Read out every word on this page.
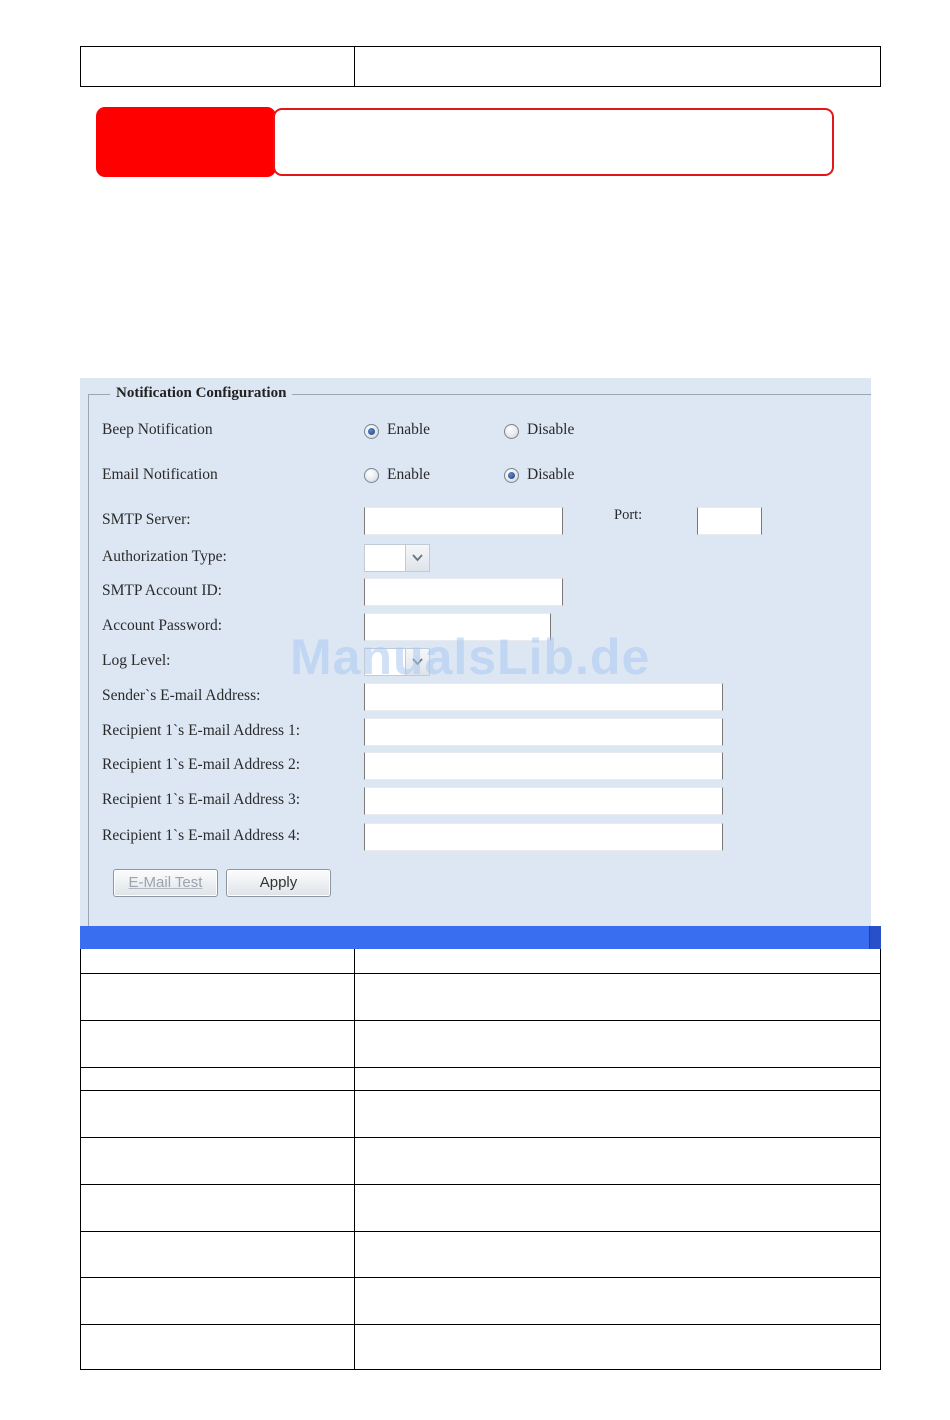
Notification Configuration
Beep Notification	Enable	Disable
Email Notification	Enable	Disable
SMTP Server:	Port:
Authorization Type:
SMTP Account ID:
Account Password:
Log Level:
Sender`s E-mail Address:
Recipient 1`s E-mail Address 1:
Recipient 1`s E-mail Address 2:
Recipient 1`s E-mail Address 3:
Recipient 1`s E-mail Address 4:
E-Mail Test	Apply
ManualsLib.de
